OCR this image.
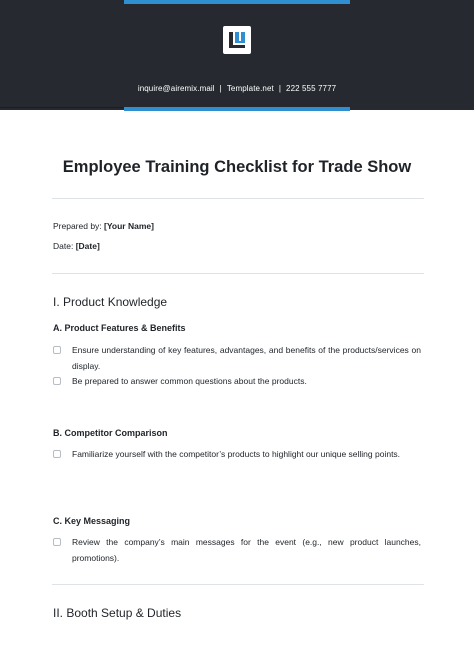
inquire@airemix.mail | Template.net | 222 555 7777
Employee Training Checklist for Trade Show
Prepared by: [Your Name]
Date: [Date]
I. Product Knowledge
A. Product Features & Benefits
Ensure understanding of key features, advantages, and benefits of the products/services on display.
Be prepared to answer common questions about the products.
B. Competitor Comparison
Familiarize yourself with the competitor’s products to highlight our unique selling points.
C. Key Messaging
Review the company’s main messages for the event (e.g., new product launches, promotions).
II. Booth Setup & Duties
